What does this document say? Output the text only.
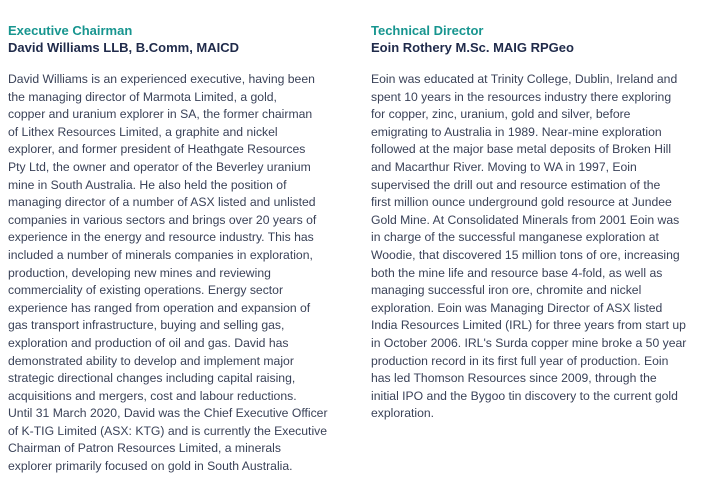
Executive Chairman
David Williams LLB, B.Comm, MAICD
David Williams is an experienced executive, having been
the managing director of Marmota Limited, a gold,
copper and uranium explorer in SA, the former chairman
of Lithex Resources Limited, a graphite and nickel
explorer, and former president of Heathgate Resources
Pty Ltd, the owner and operator of the Beverley uranium
mine in South Australia. He also held the position of
managing director of a number of ASX listed and unlisted
companies in various sectors and brings over 20 years of
experience in the energy and resource industry. This has
included a number of minerals companies in exploration,
production, developing new mines and reviewing
commerciality of existing operations. Energy sector
experience has ranged from operation and expansion of
gas transport infrastructure, buying and selling gas,
exploration and production of oil and gas. David has
demonstrated ability to develop and implement major
strategic directional changes including capital raising,
acquisitions and mergers, cost and labour reductions.
Until 31 March 2020, David was the Chief Executive Officer
of K-TIG Limited (ASX: KTG) and is currently the Executive
Chairman of Patron Resources Limited, a minerals
explorer primarily focused on gold in South Australia.
Technical Director
Eoin Rothery M.Sc. MAIG RPGeo
Eoin was educated at Trinity College, Dublin, Ireland and
spent 10 years in the resources industry there exploring
for copper, zinc, uranium, gold and silver, before
emigrating to Australia in 1989. Near-mine exploration
followed at the major base metal deposits of Broken Hill
and Macarthur River. Moving to WA in 1997, Eoin
supervised the drill out and resource estimation of the
first million ounce underground gold resource at Jundee
Gold Mine. At Consolidated Minerals from 2001 Eoin was
in charge of the successful manganese exploration at
Woodie, that discovered 15 million tons of ore, increasing
both the mine life and resource base 4-fold, as well as
managing successful iron ore, chromite and nickel
exploration. Eoin was Managing Director of ASX listed
India Resources Limited (IRL) for three years from start up
in October 2006. IRL's Surda copper mine broke a 50 year
production record in its first full year of production. Eoin
has led Thomson Resources since 2009, through the
initial IPO and the Bygoo tin discovery to the current gold
exploration.
